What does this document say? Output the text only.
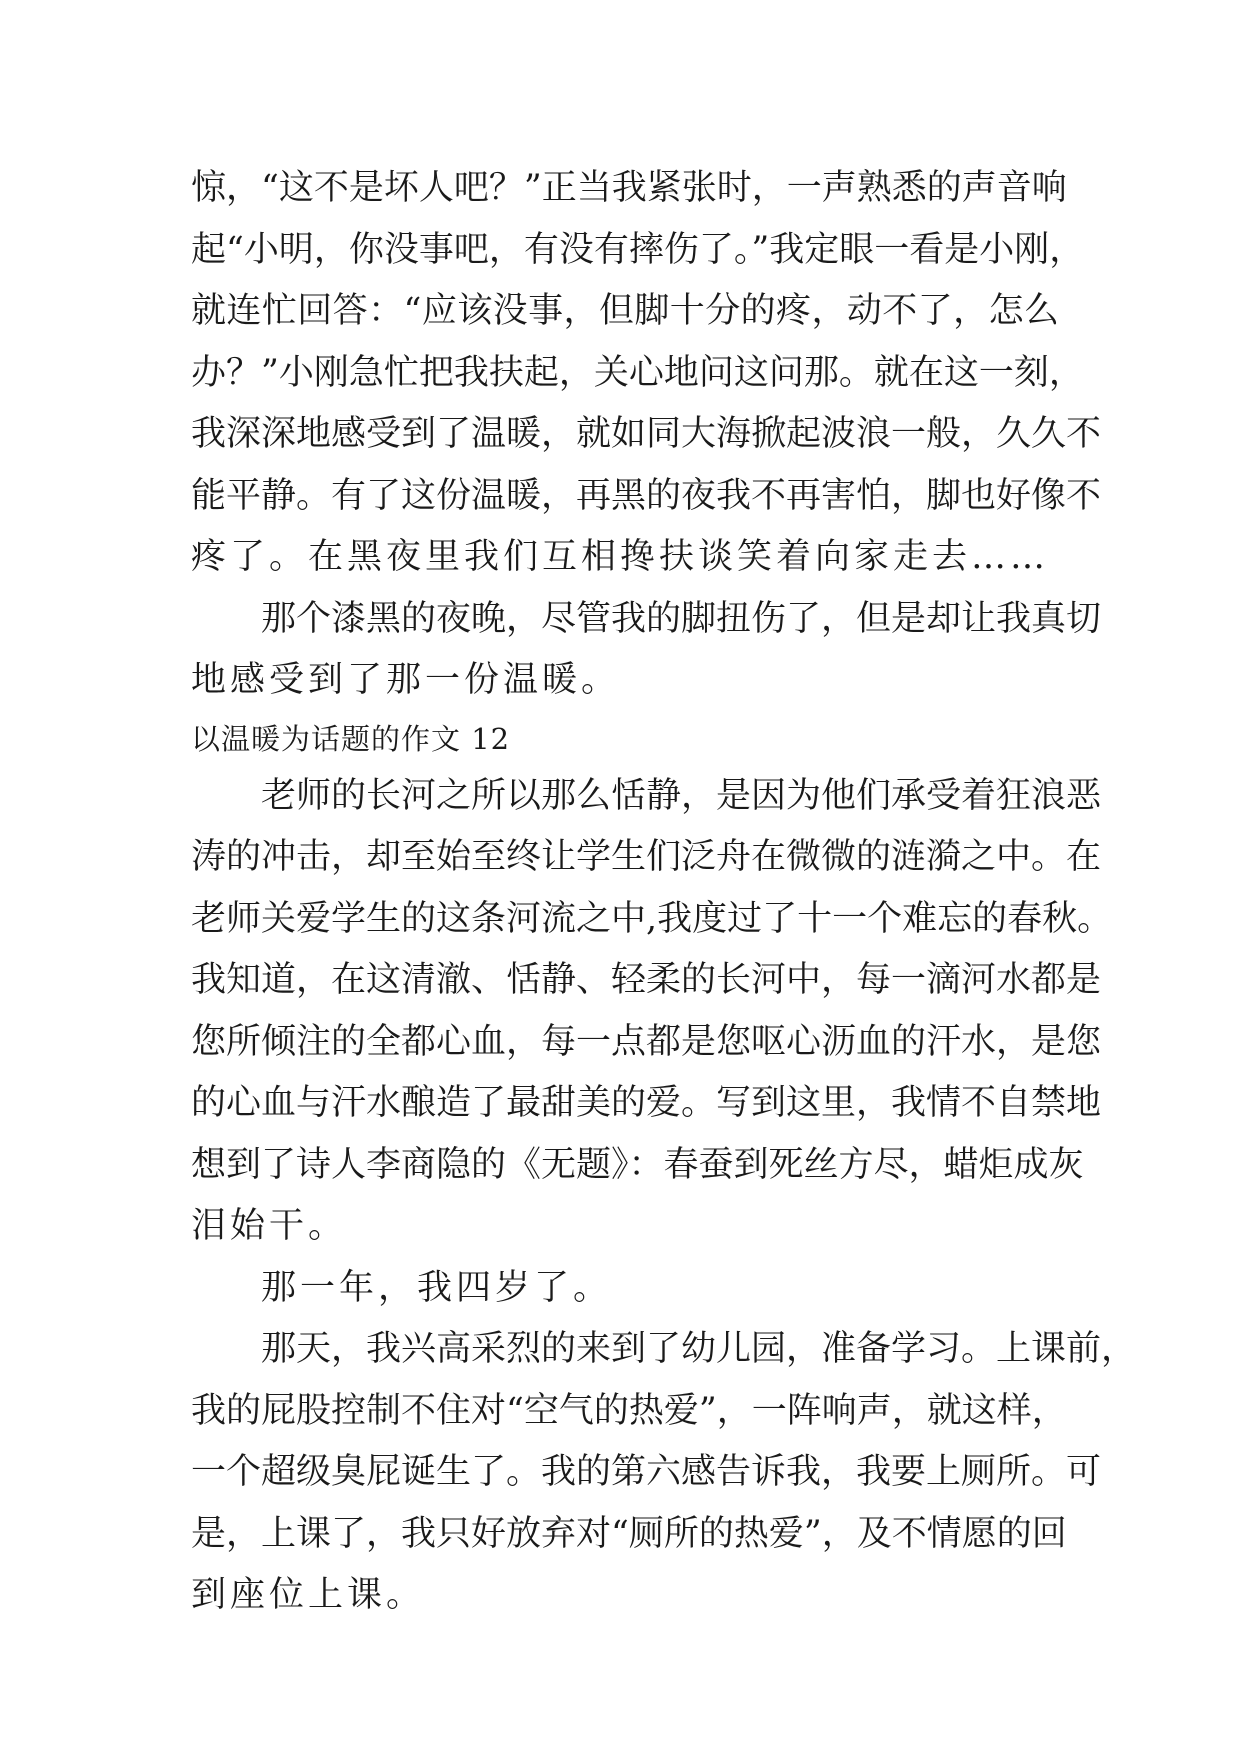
惊，“这不是坏人吧？”正当我紧张时，一声熟悉的声音响
起“小明，你没事吧，有没有摔伤了。”我定眼一看是小刚，
就连忙回答：“应该没事，但脚十分的疼，动不了，怎么
办？”小刚急忙把我扶起，关心地问这问那。就在这一刻，
我深深地感受到了温暖，就如同大海掀起波浪一般，久久不
能平静。有了这份温暖，再黑的夜我不再害怕，脚也好像不
疼了。在黑夜里我们互相搀扶谈笑着向家走去……
那个漆黑的夜晚，尽管我的脚扭伤了，但是却让我真切
地感受到了那一份温暖。
以温暖为话题的作文 12
老师的长河之所以那么恬静，是因为他们承受着狂浪恶
涛的冲击，却至始至终让学生们泛舟在微微的涟漪之中。在
老师关爱学生的这条河流之中,我度过了十一个难忘的春秋。
我知道，在这清澈、恬静、轻柔的长河中，每一滴河水都是
您所倾注的全都心血，每一点都是您呕心沥血的汗水，是您
的心血与汗水酿造了最甜美的爱。写到这里，我情不自禁地
想到了诗人李商隐的《无题》：春蚕到死丝方尽，蜡炬成灰
泪始干。
那一年，我四岁了。
那天，我兴高采烈的来到了幼儿园，准备学习。上课前，
我的屁股控制不住对“空气的热爱”，一阵响声，就这样，
一个超级臭屁诞生了。我的第六感告诉我，我要上厕所。可
是，上课了，我只好放弃对“厕所的热爱”，及不情愿的回
到座位上课。
